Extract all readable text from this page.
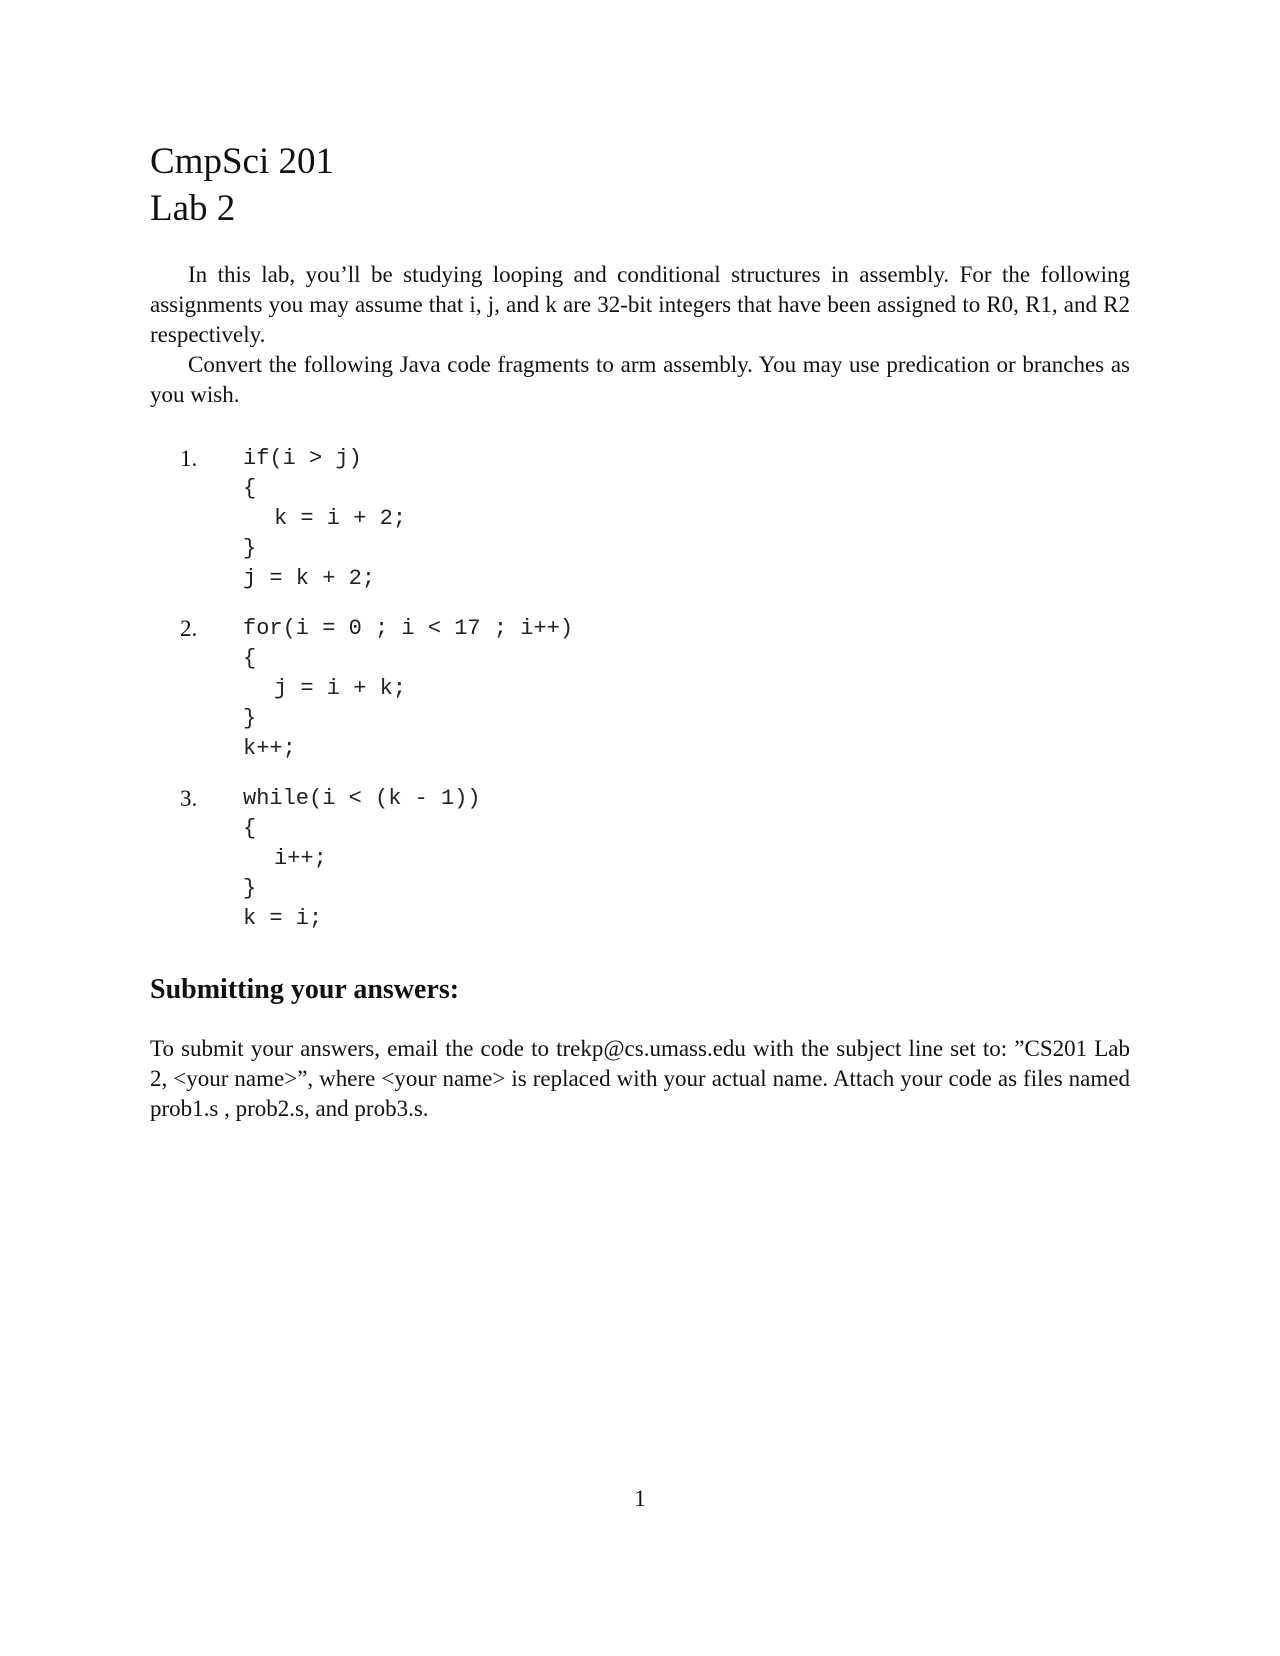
CmpSci 201
Lab 2

In this lab, you’ll be studying looping and conditional structures in assembly. For the following assignments you may assume that i, j, and k are 32-bit integers that have been assigned to R0, R1, and R2 respectively.

Convert the following Java code fragments to arm assembly. You may use predication or branches as you wish.

1. if(i > j)
{
k = i + 2;
}
j = k + 2;
2. for(i = 0 ; i < 17 ; i++)
{
j = i + k;
}
k++;
3. while(i < (k - 1))
{
i++;
}
k = i;
Submitting your answers:

To submit your answers, email the code to trekp@cs.umass.edu with the subject line set to: ”CS201 Lab 2, <your name>”, where <your name> is replaced with your actual name. Attach your code as files named prob1.s , prob2.s, and prob3.s.

1
